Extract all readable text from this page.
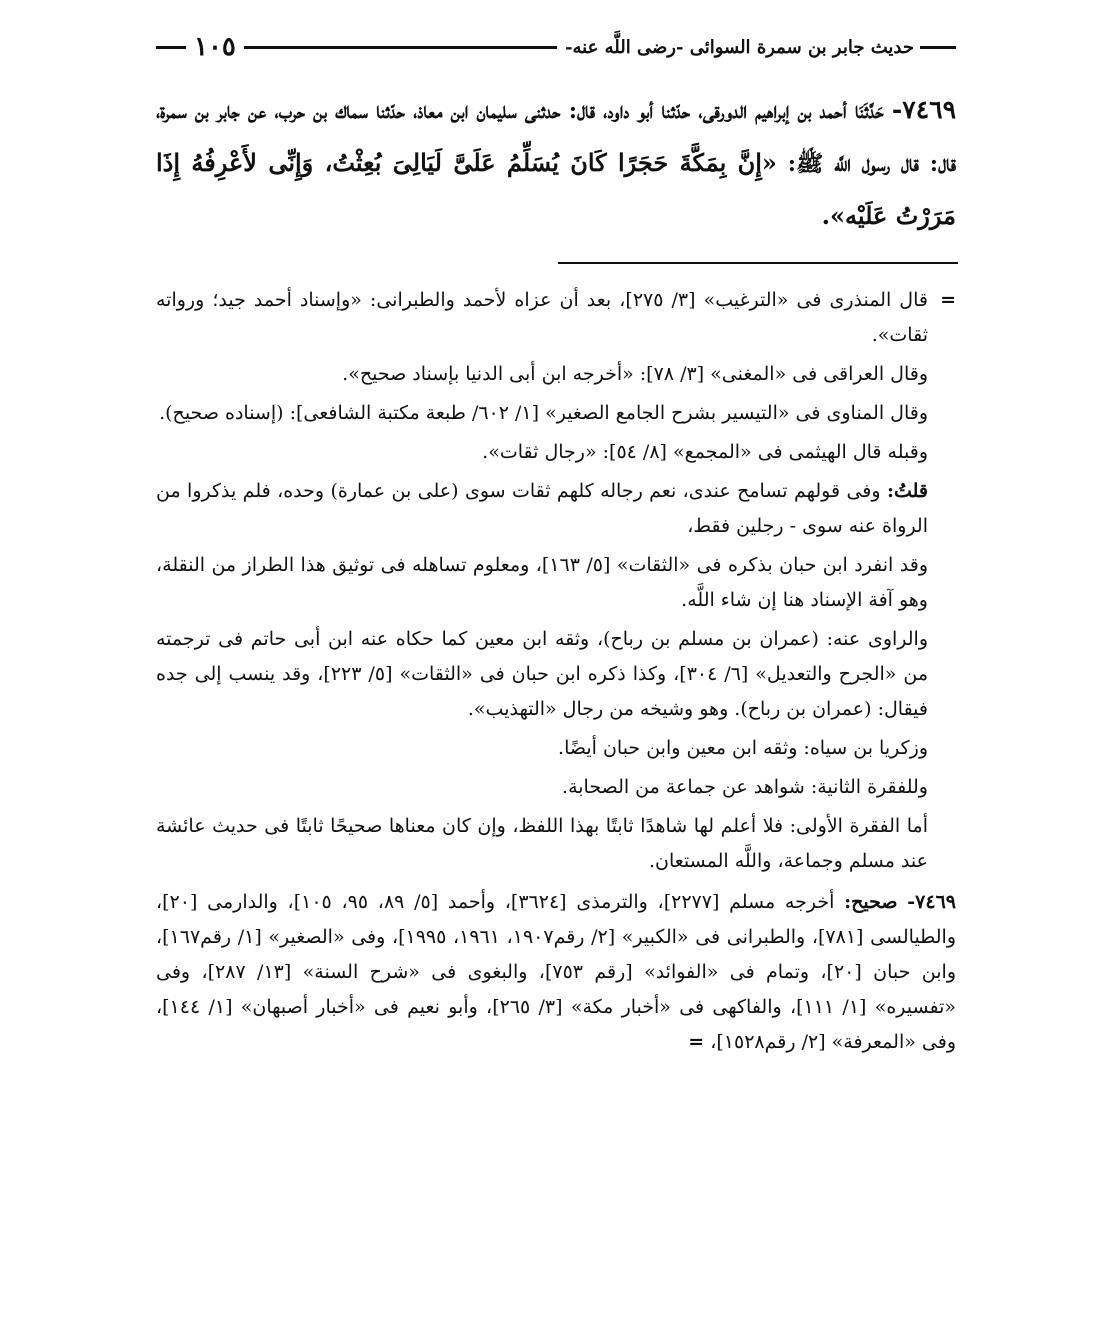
حديث جابر بن سمرة السوائى -رضى اللَّه عنه-
١٠٥
٧٤٦٩- حَدَّثَنَا أحمد بن إبراهيم الدورقى، حدّثنا أبو داود، قال: حدثنى سليمان ابن معاذ، حدّثنا سماك بن حرب، عن جابر بن سمرة، قال: قال رسول اللَّه ﷺ: «إِنَّ بِمَكَّةَ حَجَرًا كَانَ يُسَلِّمُ عَلَىَّ لَيَالِىَ بُعِثْتُ، وَإِنِّى لأَعْرِفُهُ إِذَا مَرَرْتُ عَلَيْه».

=
قال المنذرى فى «الترغيب» [٣/ ٢٧٥]، بعد أن عزاه لأحمد والطبرانى: «وإسناد أحمد جيد؛ ورواته ثقات».

وقال العراقى فى «المغنى» [٣/ ٧٨]: «أخرجه ابن أبى الدنيا بإسناد صحيح».

وقال المناوى فى «التيسير بشرح الجامع الصغير» [١/ ٦٠٢/ طبعة مكتبة الشافعى]: (إسناده صحيح).

وقبله قال الهيثمى فى «المجمع» [٨/ ٥٤]: «رجال ثقات».

قلتُ: وفى قولهم تسامح عندى، نعم رجاله كلهم ثقات سوى (على بن عمارة) وحده، فلم يذكروا من الرواة عنه سوى - رجلين فقط،

وقد انفرد ابن حبان بذكره فى «الثقات» [٥/ ١٦٣]، ومعلوم تساهله فى توثيق هذا الطراز من النقلة، وهو آفة الإسناد هنا إن شاء اللَّه.

والراوى عنه: (عمران بن مسلم بن رباح)، وثقه ابن معين كما حكاه عنه ابن أبى حاتم فى ترجمته من «الجرح والتعديل» [٦/ ٣٠٤]، وكذا ذكره ابن حبان فى «الثقات» [٥/ ٢٢٣]، وقد ينسب إلى جده فيقال: (عمران بن رباح). وهو وشيخه من رجال «التهذيب».

وزكريا بن سياه: وثقه ابن معين وابن حبان أيضًا.

وللفقرة الثانية: شواهد عن جماعة من الصحابة.

أما الفقرة الأولى: فلا أعلم لها شاهدًا ثابتًا بهذا اللفظ، وإن كان معناها صحيحًا ثابتًا فى حديث عائشة عند مسلم وجماعة، واللَّه المستعان.

٧٤٦٩- صحيح: أخرجه مسلم [٢٢٧٧]، والترمذى [٣٦٢٤]، وأحمد [٥/ ٨٩، ٩٥، ١٠٥]، والدارمى [٢٠]، والطيالسى [٧٨١]، والطبرانى فى «الكبير» [٢/ رقم١٩٠٧، ١٩٦١، ١٩٩٥]، وفى «الصغير» [١/ رقم١٦٧]، وابن حبان [٢٠]، وتمام فى «الفوائد» [رقم ٧٥٣]، والبغوى فى «شرح السنة» [١٣/ ٢٨٧]، وفى «تفسيره» [١/ ١١١]، والفاكهى فى «أخبار مكة» [٣/ ٢٦٥]، وأبو نعيم فى «أخبار أصبهان» [١/ ١٤٤]، وفى «المعرفة» [٢/ رقم١٥٢٨]، =
